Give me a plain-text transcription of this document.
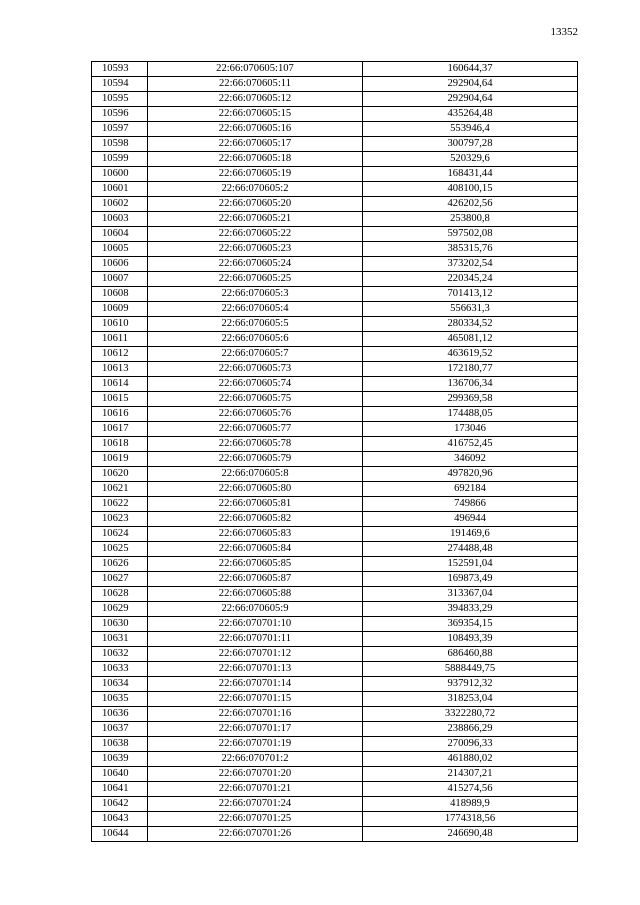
13352
10593	22:66:070605:107	160644,37
10594	22:66:070605:11	292904,64
10595	22:66:070605:12	292904,64
10596	22:66:070605:15	435264,48
10597	22:66:070605:16	553946,4
10598	22:66:070605:17	300797,28
10599	22:66:070605:18	520329,6
10600	22:66:070605:19	168431,44
10601	22:66:070605:2	408100,15
10602	22:66:070605:20	426202,56
10603	22:66:070605:21	253800,8
10604	22:66:070605:22	597502,08
10605	22:66:070605:23	385315,76
10606	22:66:070605:24	373202,54
10607	22:66:070605:25	220345,24
10608	22:66:070605:3	701413,12
10609	22:66:070605:4	556631,3
10610	22:66:070605:5	280334,52
10611	22:66:070605:6	465081,12
10612	22:66:070605:7	463619,52
10613	22:66:070605:73	172180,77
10614	22:66:070605:74	136706,34
10615	22:66:070605:75	299369,58
10616	22:66:070605:76	174488,05
10617	22:66:070605:77	173046
10618	22:66:070605:78	416752,45
10619	22:66:070605:79	346092
10620	22:66:070605:8	497820,96
10621	22:66:070605:80	692184
10622	22:66:070605:81	749866
10623	22:66:070605:82	496944
10624	22:66:070605:83	191469,6
10625	22:66:070605:84	274488,48
10626	22:66:070605:85	152591,04
10627	22:66:070605:87	169873,49
10628	22:66:070605:88	313367,04
10629	22:66:070605:9	394833,29
10630	22:66:070701:10	369354,15
10631	22:66:070701:11	108493,39
10632	22:66:070701:12	686460,88
10633	22:66:070701:13	5888449,75
10634	22:66:070701:14	937912,32
10635	22:66:070701:15	318253,04
10636	22:66:070701:16	3322280,72
10637	22:66:070701:17	238866,29
10638	22:66:070701:19	270096,33
10639	22:66:070701:2	461880,02
10640	22:66:070701:20	214307,21
10641	22:66:070701:21	415274,56
10642	22:66:070701:24	418989,9
10643	22:66:070701:25	1774318,56
10644	22:66:070701:26	246690,48
